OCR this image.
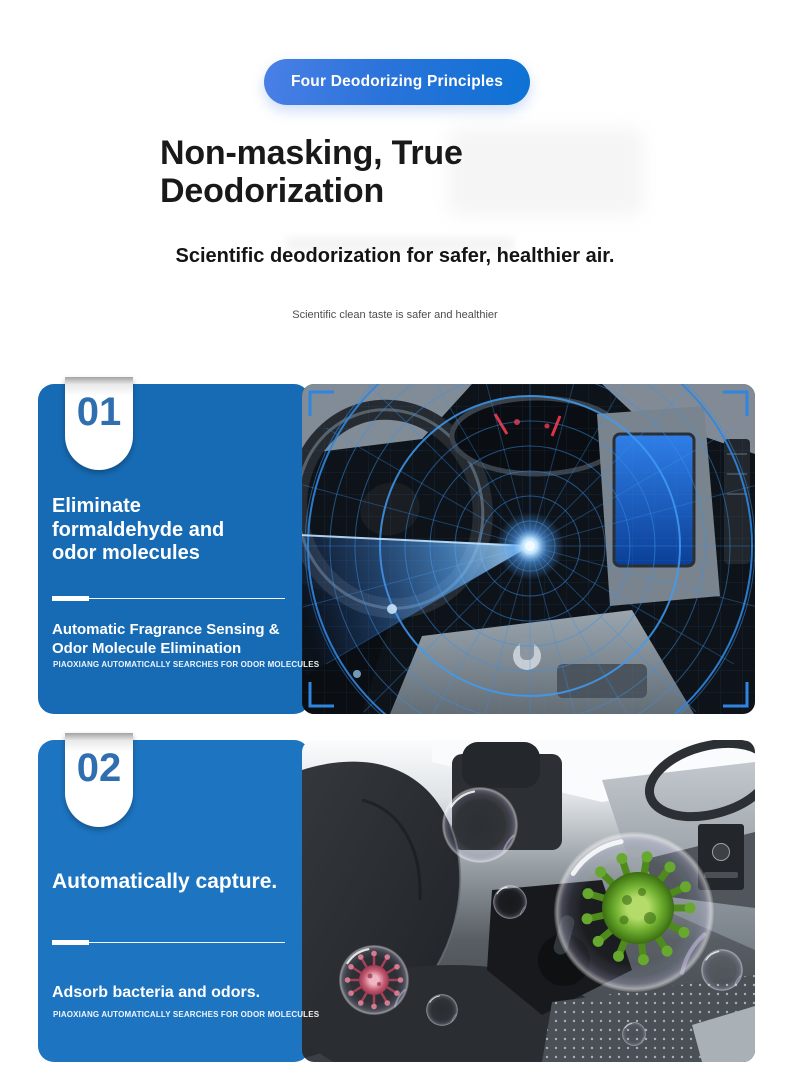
Four Deodorizing Principles
Non-masking, True
Deodorization
Scientific deodorization for safer, healthier air.
Scientific clean taste is safer and healthier
01
Eliminate
formaldehyde and
odor molecules
Automatic Fragrance Sensing &
Odor Molecule Elimination
PIAOXIANG AUTOMATICALLY SEARCHES FOR ODOR MOLECULES
02
Automatically capture.
Adsorb bacteria and odors.
PIAOXIANG AUTOMATICALLY SEARCHES FOR ODOR MOLECULES
